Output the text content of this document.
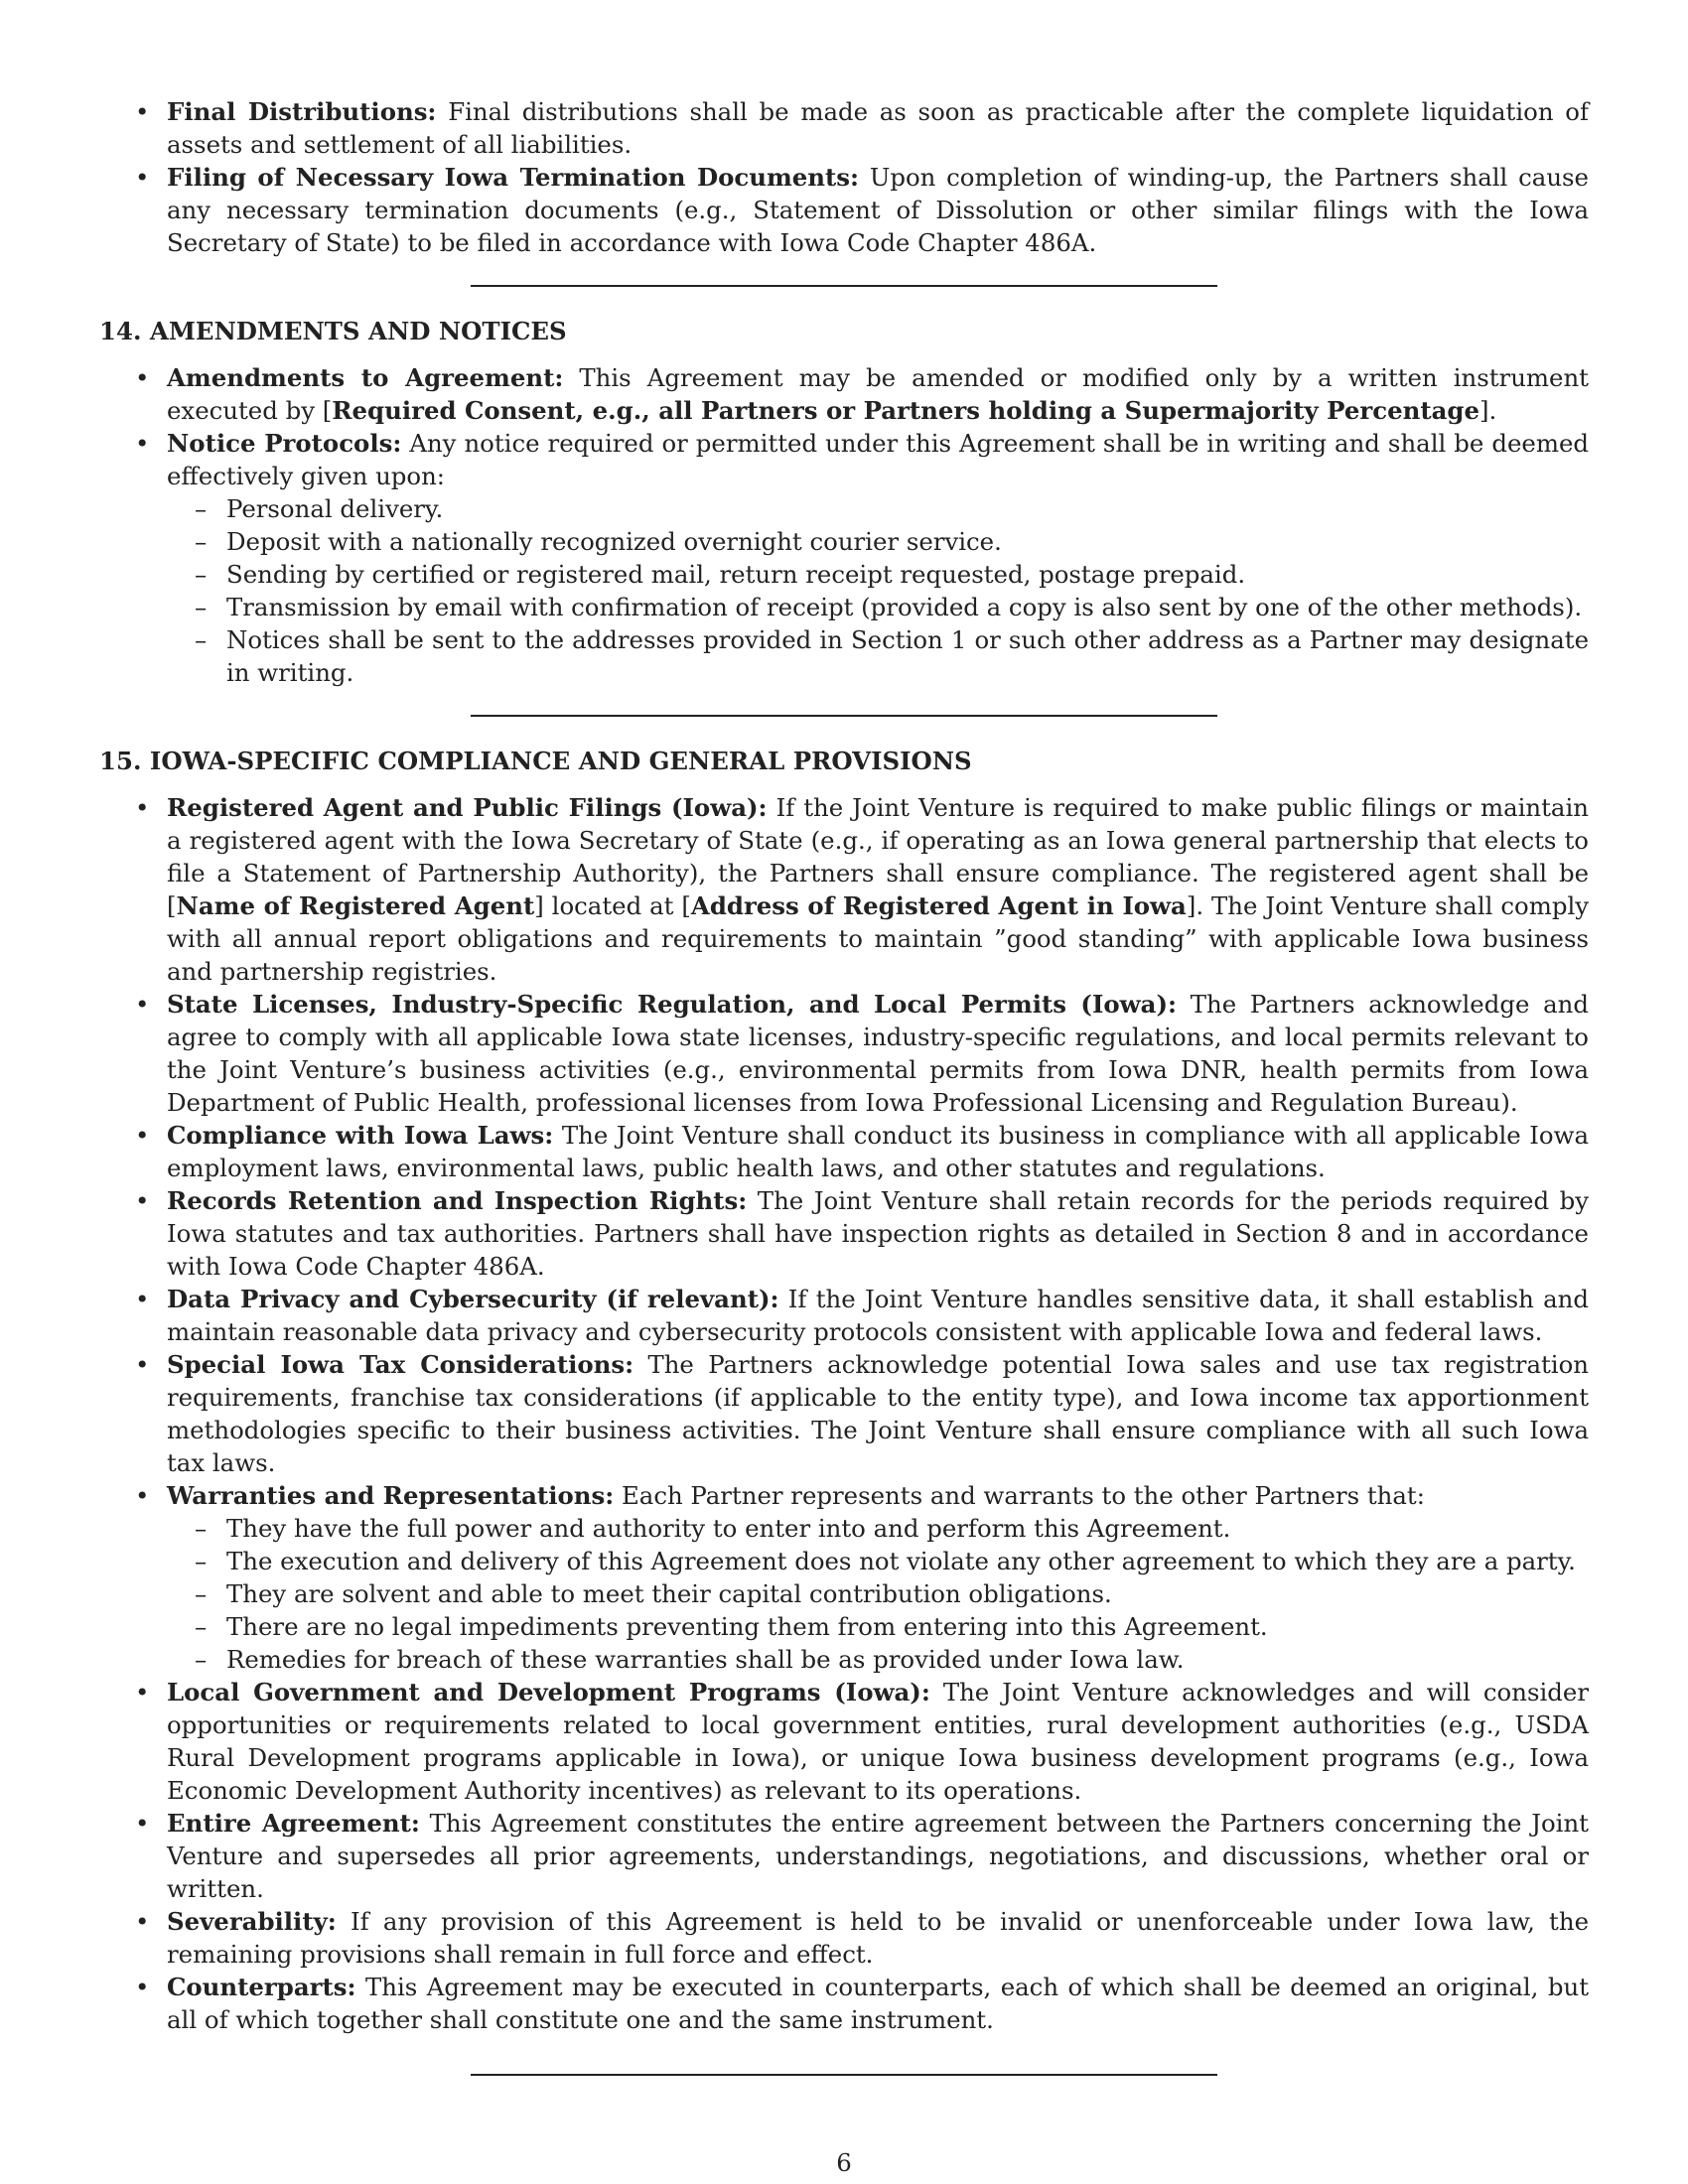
• Final Distributions: Final distributions shall be made as soon as practicable after the complete liquidation of assets and settlement of all liabilities.
• Filing of Necessary Iowa Termination Documents: Upon completion of winding-up, the Partners shall cause any necessary termination documents (e.g., Statement of Dissolution or other similar filings with the Iowa Secretary of State) to be filed in accordance with Iowa Code Chapter 486A.
14. AMENDMENTS AND NOTICES
• Amendments to Agreement: This Agreement may be amended or modified only by a written instrument executed by [Required Consent, e.g., all Partners or Partners holding a Supermajority Percentage].
• Notice Protocols: Any notice required or permitted under this Agreement shall be in writing and shall be deemed effectively given upon:
– Personal delivery.
– Deposit with a nationally recognized overnight courier service.
– Sending by certified or registered mail, return receipt requested, postage prepaid.
– Transmission by email with confirmation of receipt (provided a copy is also sent by one of the other methods).
– Notices shall be sent to the addresses provided in Section 1 or such other address as a Partner may designate in writing.
15. IOWA-SPECIFIC COMPLIANCE AND GENERAL PROVISIONS
• Registered Agent and Public Filings (Iowa): If the Joint Venture is required to make public filings or maintain a registered agent with the Iowa Secretary of State (e.g., if operating as an Iowa general partnership that elects to file a Statement of Partnership Authority), the Partners shall ensure compliance. The registered agent shall be [Name of Registered Agent] located at [Address of Registered Agent in Iowa]. The Joint Venture shall comply with all annual report obligations and requirements to maintain ”good standing” with applicable Iowa business and partnership registries.
• State Licenses, Industry-Specific Regulation, and Local Permits (Iowa): The Partners acknowledge and agree to comply with all applicable Iowa state licenses, industry-specific regulations, and local permits relevant to the Joint Venture’s business activities (e.g., environmental permits from Iowa DNR, health permits from Iowa Department of Public Health, professional licenses from Iowa Professional Licensing and Regulation Bureau).
• Compliance with Iowa Laws: The Joint Venture shall conduct its business in compliance with all applicable Iowa employment laws, environmental laws, public health laws, and other statutes and regulations.
• Records Retention and Inspection Rights: The Joint Venture shall retain records for the periods required by Iowa statutes and tax authorities. Partners shall have inspection rights as detailed in Section 8 and in accordance with Iowa Code Chapter 486A.
• Data Privacy and Cybersecurity (if relevant): If the Joint Venture handles sensitive data, it shall establish and maintain reasonable data privacy and cybersecurity protocols consistent with applicable Iowa and federal laws.
• Special Iowa Tax Considerations: The Partners acknowledge potential Iowa sales and use tax registration requirements, franchise tax considerations (if applicable to the entity type), and Iowa income tax apportionment methodologies specific to their business activities. The Joint Venture shall ensure compliance with all such Iowa tax laws.
• Warranties and Representations: Each Partner represents and warrants to the other Partners that:
– They have the full power and authority to enter into and perform this Agreement.
– The execution and delivery of this Agreement does not violate any other agreement to which they are a party.
– They are solvent and able to meet their capital contribution obligations.
– There are no legal impediments preventing them from entering into this Agreement.
– Remedies for breach of these warranties shall be as provided under Iowa law.
• Local Government and Development Programs (Iowa): The Joint Venture acknowledges and will consider opportunities or requirements related to local government entities, rural development authorities (e.g., USDA Rural Development programs applicable in Iowa), or unique Iowa business development programs (e.g., Iowa Economic Development Authority incentives) as relevant to its operations.
• Entire Agreement: This Agreement constitutes the entire agreement between the Partners concerning the Joint Venture and supersedes all prior agreements, understandings, negotiations, and discussions, whether oral or written.
• Severability: If any provision of this Agreement is held to be invalid or unenforceable under Iowa law, the remaining provisions shall remain in full force and effect.
• Counterparts: This Agreement may be executed in counterparts, each of which shall be deemed an original, but all of which together shall constitute one and the same instrument.
6
